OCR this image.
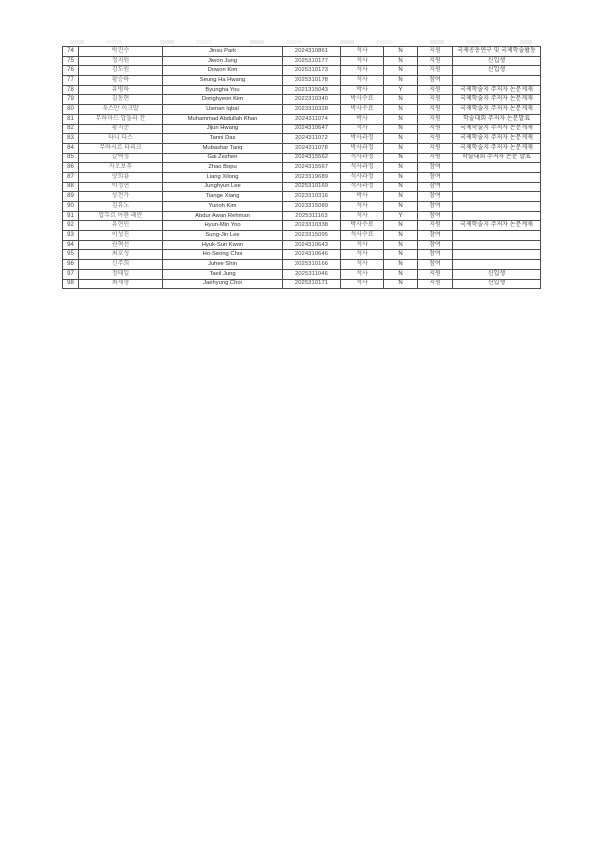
74	박진수	Jinsu Park	2024310861	석사	N	지원	국제공동연구 및 국제학술활동
75	정지원	Jiwon Jung	2025310177	석사	N	지원	신입생
76	김도원	Dowon Kim	2025310173	석사	N	지원	신입생
77	황승하	Seung Ha Hwang	2025310178	석사	N	참여	
78	유병하	Byungha You	2021315043	박사	Y	지원	국제학술지 주저자 논문게재
79	김동현	Donghyeon Kim	2022310340	박사수료	N	지원	국제학술지 주저자 논문게재
80	우스만 이크발	Usman Iqbal	2023310328	박사수료	N	지원	국제학술지 주저자 논문게재
81	무하마드 압둘라 칸	Muhammad Abdullah Khan	2024311074	박사	N	지원	학술대회 주저자 논문발표
82	황지준	Jijun Hwang	2024310647	석사	N	지원	국제학술지 주저자 논문게재
83	타니 다스	Tanni Das	2024311072	박사과정	N	지원	국제학술지 주저자 논문게재
84	무바시르 타리크	Mubashar Tariq	2024311078	박사과정	N	지원	국제학술지 주저자 논문게재
85	갈택정	Gai Zezhen	2024315562	석사과정	N	지원	학술대회 주저자 논문 발표
86	자오보푸	Zhao Bopu	2024315567	석사과정	N	참여	
87	양희룡	Liang Xilong	2023319689	석사과정	N	참여	
88	이정현	Junghyun Lee	2025310169	석사과정	N	참여	
89	상천가	Tiange Xiang	2023310316	박사	N	참여	
90	김유노	Yunoh Kim	2023315089	석사	N	참여	
91	압두르 아완 레만	Abdur Awan Rehman	2025311163	석사	Y	참여	
92	유현민	Hyun-Min Yoo	2023310338	박사수료	N	지원	국제학술지 주저자 논문게재
93	이성진	Sung-Jin Lee	2023315095	석사수료	N	참여	
94	권혁선	Hyuk-Sun Kwon	2024310643	석사	N	참여	
95	최호성	Ho-Seong Choi	2024310646	석사	N	참여	
96	신주희	Juhee Shin	2025310166	석사	N	참여	
97	정태일	Taeil Jung	2025311046	석사	N	지원	신입생
98	최재형	Jaehyung Choi	2025310171	석사	N	지원	신입생
